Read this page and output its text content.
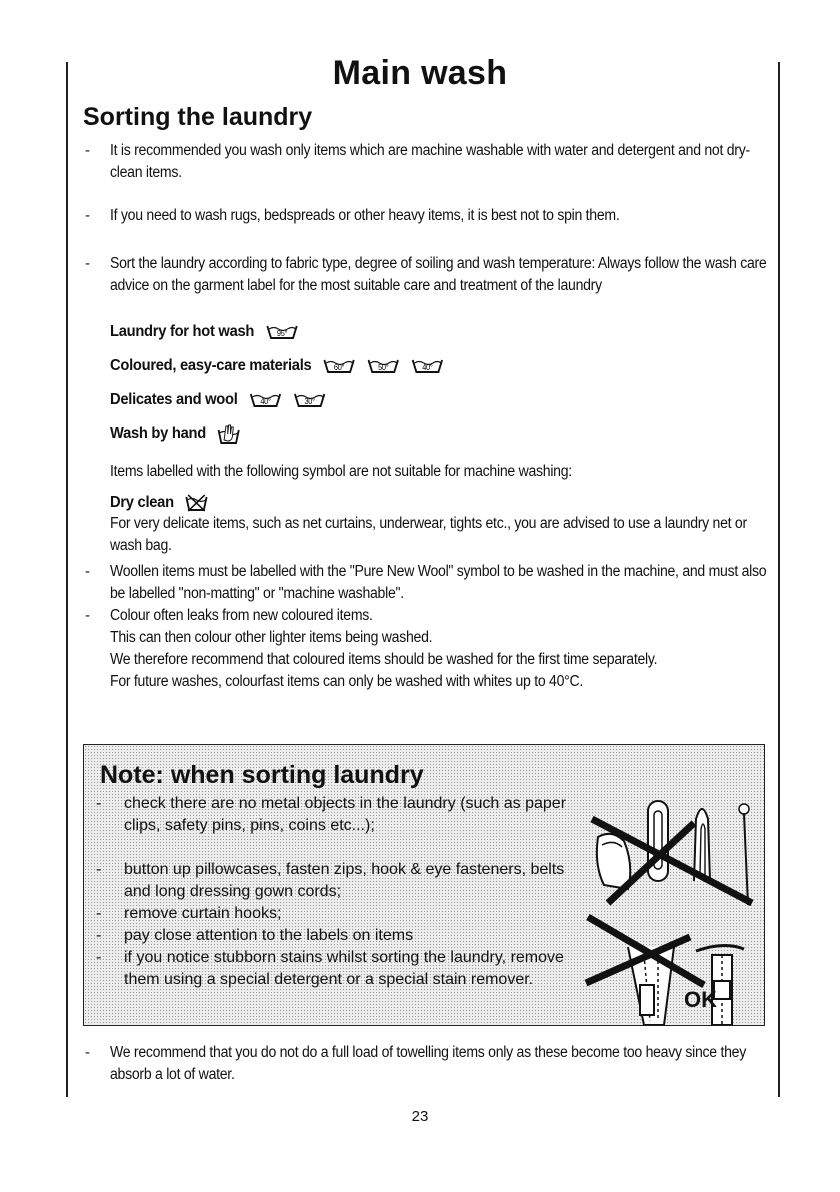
Main wash
Sorting the laundry
- It is recommended you wash only items which are machine washable with water and detergent and not dry-clean items.
- If you need to wash rugs, bedspreads or other heavy items, it is best not to spin them.
- Sort the laundry according to fabric type, degree of soiling and wash temperature: Always follow the wash care advice on the garment label for the most suitable care and treatment of the laundry
Laundry for hot wash	95°
Coloured, easy-care materials	60°
	50°
	40°
Delicates and wool	40°
	30°
Wash by hand
Items labelled with the following symbol are not suitable for machine washing:
Dry clean
For very delicate items, such as net curtains, underwear, tights etc., you are advised to use a laundry net or wash bag.
- Woollen items must be labelled with the "Pure New Wool" symbol to be washed in the machine, and must also be labelled "non-matting" or "machine washable".
- Colour often leaks from new coloured items.
This can then colour other lighter items being washed.
We therefore recommend that coloured items should be washed for the first time separately.
For future washes, colourfast items can only be washed with whites up to 40°C.
Note: when sorting laundry
- check there are no metal objects in the laundry (such as paper clips, safety pins, pins, coins etc...);
- button up pillowcases, fasten zips, hook & eye fasteners, belts and long dressing gown cords;
- remove curtain hooks;
- pay close attention to the labels on items
- if you notice stubborn stains whilst sorting the laundry, remove them using a special detergent or a special stain remover.
OK
- We recommend that you do not do a full load of towelling items only as these become too heavy since they absorb a lot of water.
23
